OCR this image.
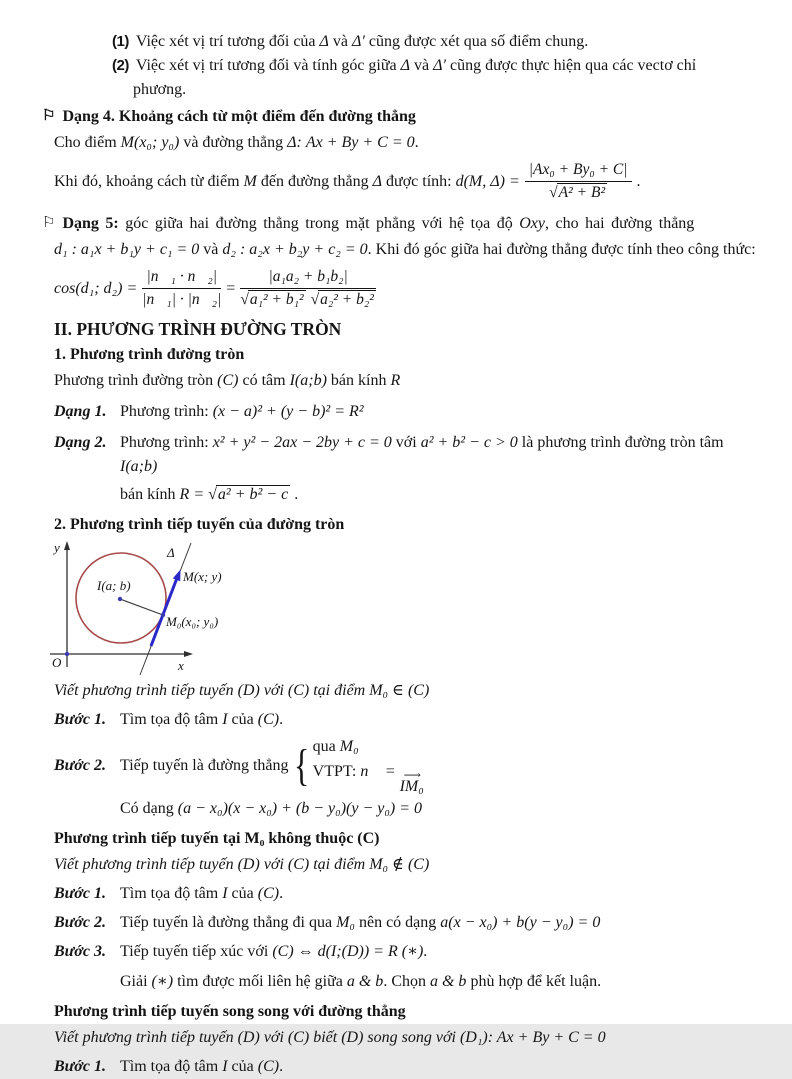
(1) Việc xét vị trí tương đối của Δ và Δ′ cũng được xét qua số điểm chung.
(2) Việc xét vị trí tương đối và tính góc giữa Δ và Δ′ cũng được thực hiện qua các vectơ chỉ
phương.
⚐ Dạng 4. Khoảng cách từ một điểm đến đường thẳng
Cho điểm M(x₀; y₀) và đường thẳng Δ: Ax + By + C = 0.
Khi đó, khoảng cách từ điểm M đến đường thẳng Δ được tính: d(M, $\Delta) = \frac{\text{|Ax₀ + By₀ + C|}}{\text{√A² + B²}}$ .
⚐ Dạng 5: góc giữa hai đường thẳng trong mặt phẳng với hệ tọa độ Oxy, cho hai đường thẳng
d₁ : a₁x + b₁y + c₁ = 0 và d₂ : a₂x + b₂y + c₂ = 0. Khi đó góc giữa hai đường thẳng được tính theo công thức:
cos(d₁; $d_2) = \frac{\text{|n⃗₁ · n⃗₂|}}{\text{|n⃗₁| · |n⃗₂|}} = \frac{\text{|a₁a₂ + b₁b₂|}}{\text{√a₁² + b₁² √a₂² + b₂²}}$
II. PHƯƠNG TRÌNH ĐƯỜNG TRÒN
1. Phương trình đường tròn
Phương trình đường tròn (C) có tâm I(a;b) bán kính R
Dạng 1. Phương trình: (x − a)² + (y − b)² = R²
Dạng 2. Phương trình: x² + y² − 2ax − 2by + c = 0 với a² + b² − c > 0 là phương trình đường tròn tâm I(a;b)
bán kính R = √a² + b² − c .
2. Phương trình tiếp tuyến của đường tròn
y
x
O
Δ
M(x; y)
M₀(x₀; y₀)
I(a; b)
Viết phương trình tiếp tuyến (D) với (C) tại điểm M₀ ∈ (C)
Bước 1. Tìm tọa độ tâm I của (C).
Bước 2. Tiếp tuyến là đường thẳng { qua M₀
VTPT: n⃗ = ⟶
IM₀
Có dạng (a − x₀)(x − x₀) + (b − y₀)(y − y₀) = 0
Phương trình tiếp tuyến tại M₀ không thuộc (C)
Viết phương trình tiếp tuyến (D) với (C) tại điểm M₀ ∉ (C)
Bước 1. Tìm tọa độ tâm I của (C).
Bước 2. Tiếp tuyến là đường thẳng đi qua M₀ nên có dạng a(x − x₀) + b(y − y₀) = 0
Bước 3. Tiếp tuyến tiếp xúc với (C) ⇔ d(I;(D)) = R (∗).
Giải (∗) tìm được mối liên hệ giữa a & b. Chọn a & b phù hợp để kết luận.
Phương trình tiếp tuyến song song với đường thẳng
Viết phương trình tiếp tuyến (D) với (C) biết (D) song song với (D₁): Ax + By + C = 0
Bước 1. Tìm tọa độ tâm I của (C).
